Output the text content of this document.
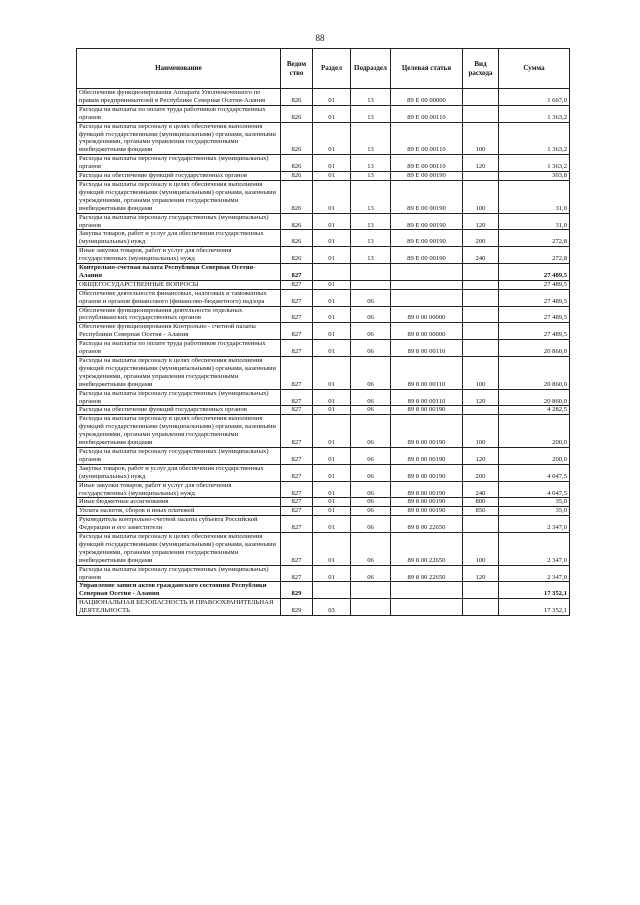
88
Наименование	Ведом ство	Раздел	Подраздел	Целевая статья	Вид расхода	Сумма
Обеспечение функционирования Аппарата Уполномоченного по правам предпринимателей в Республике Северная Осетия-Алания	826	01	13	89 Е 00 00000		1 667,0
Расходы на выплаты по оплате труда работников государственных органов	826	01	13	89 Е 00 00110		1 363,2
Расходы на выплаты персоналу в целях обеспечения выполнения функций государственными (муниципальными) органами, казенными учреждениями, органами управления государственными внебюджетными фондами	826	01	13	89 Е 00 00110	100	1 363,2
Расходы на выплаты персоналу государственных (муниципальных) органов	826	01	13	89 Е 00 00110	120	1 363,2
Расходы на обеспечение функций государственных органов	826	01	13	89 Е 00 00190		303,8
Расходы на выплаты персоналу в целях обеспечения выполнения функций государственными (муниципальными) органами, казенными учреждениями, органами управления государственными внебюджетными фондами	826	01	13	89 Е 00 00190	100	31,0
Расходы на выплаты персоналу государственных (муниципальных) органов	826	01	13	89 Е 00 00190	120	31,0
Закупка товаров, работ и услуг для обеспечения государственных (муниципальных) нужд	826	01	13	89 Е 00 00190	200	272,8
Иные закупки товаров, работ и услуг для обеспечения государственных (муниципальных) нужд	826	01	13	89 Е 00 00190	240	272,8
Контрольно-счетная палата Республики Северная Осетия-Алания	827					27 489,5
ОБЩЕГОСУДАРСТВЕННЫЕ ВОПРОСЫ	827	01				27 489,5
Обеспечение деятельности финансовых, налоговых и таможенных органов и органов финансового (финансово-бюджетного) надзора	827	01	06			27 489,5
Обеспечение функционирования деятельности отдельных республиканских государственных органов	827	01	06	89 0 00 00000		27 489,5
Обеспечение функционирования Контрольно - счетной палаты Республики Северная Осетия - Алания	827	01	06	89 8 00 00000		27 489,5
Расходы на выплаты по оплате труда работников государственных органов	827	01	06	89 8 00 00110		20 860,0
Расходы на выплаты персоналу в целях обеспечения выполнения функций государственными (муниципальными) органами, казенными учреждениями, органами управления государственными внебюджетными фондами	827	01	06	89 8 00 00110	100	20 860,0
Расходы на выплаты персоналу государственных (муниципальных) органов	827	01	06	89 8 00 00110	120	20 860,0
Расходы на обеспечение функций государственных органов	827	01	06	89 8 00 00190		4 282,5
Расходы на выплаты персоналу в целях обеспечения выполнения функций государственными (муниципальными) органами, казенными учреждениями, органами управления государственными внебюджетными фондами	827	01	06	89 8 00 00190	100	200,0
Расходы на выплаты персоналу государственных (муниципальных) органов	827	01	06	89 8 00 00190	120	200,0
Закупка товаров, работ и услуг для обеспечения государственных (муниципальных) нужд	827	01	06	89 8 00 00190	200	4 047,5
Иные закупки товаров, работ и услуг для обеспечения государственных (муниципальных) нужд	827	01	06	89 8 00 00190	240	4 047,5
Иные бюджетные ассигнования	827	01	06	89 8 00 00190	800	35,0
Уплата налогов, сборов и иных платежей	827	01	06	89 8 00 00190	850	35,0
Руководитель контрольно-счетной палаты субъекта Российской Федерации и его заместители	827	01	06	89 8 00 22650		2 347,0
Расходы на выплаты персоналу в целях обеспечения выполнения функций государственными (муниципальными) органами, казенными учреждениями, органами управления государственными внебюджетными фондами	827	01	06	89 8 00 22650	100	2 347,0
Расходы на выплаты персоналу государственных (муниципальных) органов	827	01	06	89 8 00 22650	120	2 347,0
Управление записи актов гражданского состояния Республики Северная Осетия - Алания	829					17 352,1
НАЦИОНАЛЬНАЯ БЕЗОПАСНОСТЬ И ПРАВООХРАНИТЕЛЬНАЯ ДЕЯТЕЛЬНОСТЬ	829	03				17 352,1
